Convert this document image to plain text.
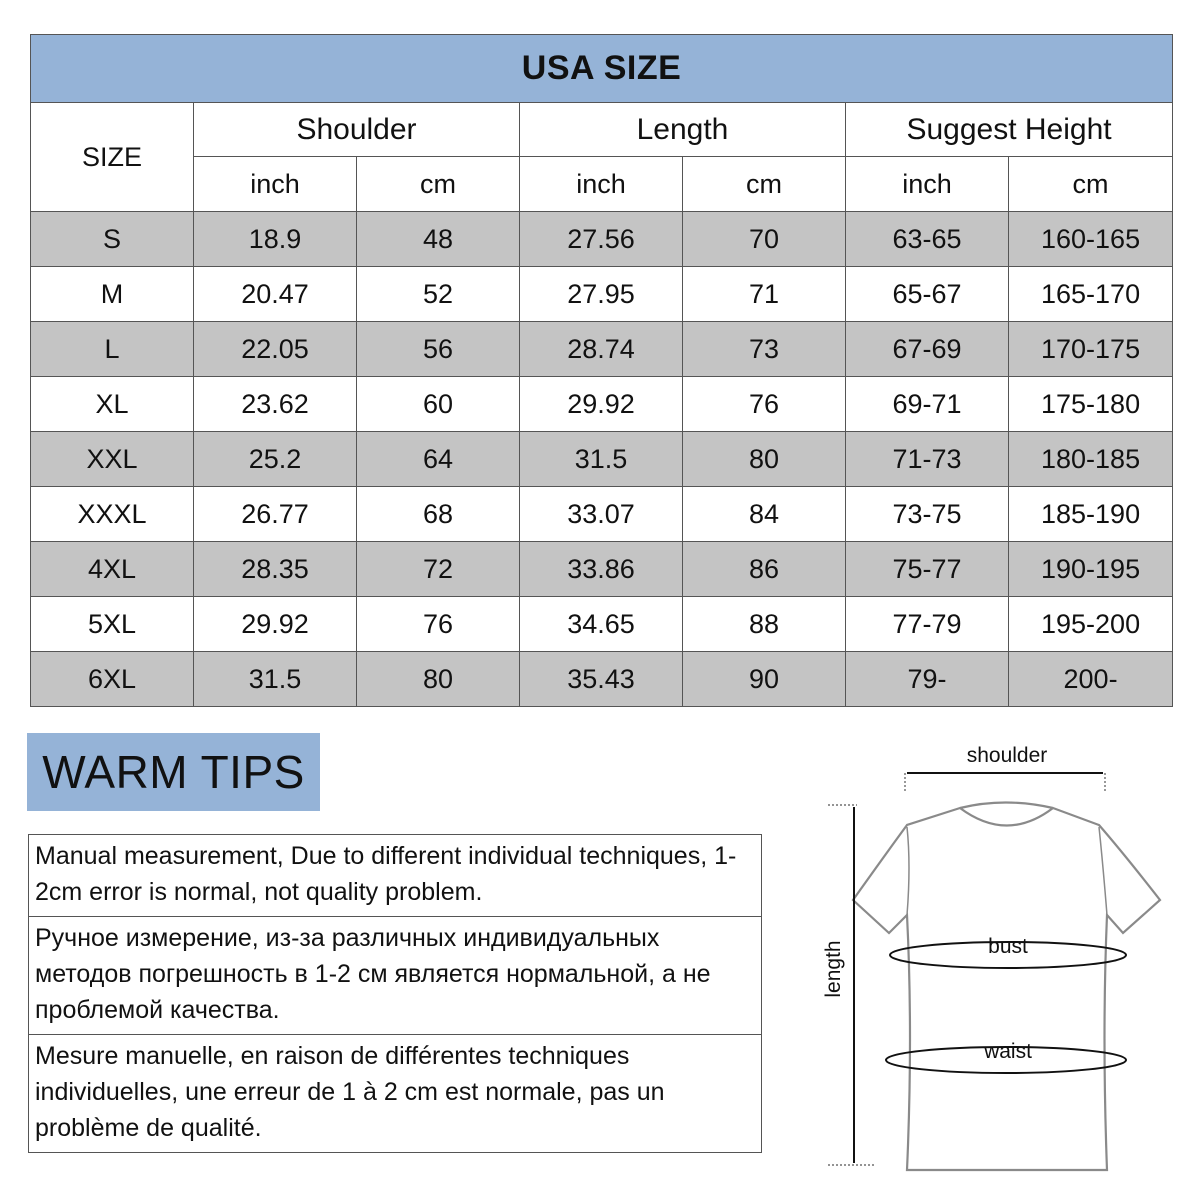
USA SIZE						
SIZE	Shoulder		Length		Suggest Height	
	inch	cm	inch	cm	inch	cm
S	18.9	48	27.56	70	63-65	160-165
M	20.47	52	27.95	71	65-67	165-170
L	22.05	56	28.74	73	67-69	170-175
XL	23.62	60	29.92	76	69-71	175-180
XXL	25.2	64	31.5	80	71-73	180-185
XXXL	26.77	68	33.07	84	73-75	185-190
4XL	28.35	72	33.86	86	75-77	190-195
5XL	29.92	76	34.65	88	77-79	195-200
6XL	31.5	80	35.43	90	79-	200-
WARM TIPS
Manual measurement, Due to different individual techniques, 1-2cm error is normal, not quality problem.
Ручное измерение, из-за различных индивидуальных методов погрешность в 1-2 см является нормальной, а не проблемой качества.
Mesure manuelle, en raison de différentes techniques individuelles, une erreur de 1 à 2 cm est normale, pas un problème de qualité.
shoulder
length	bust
waist
